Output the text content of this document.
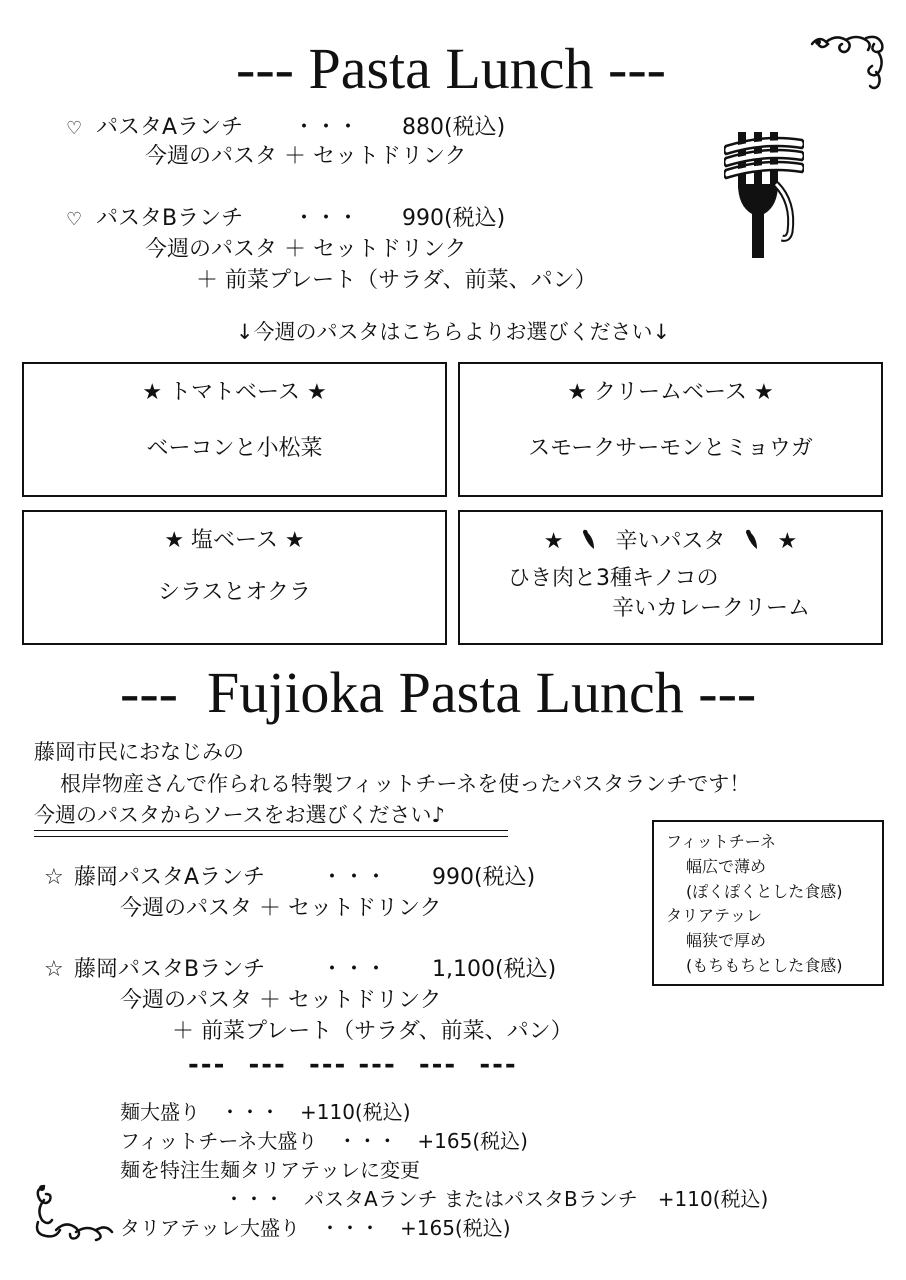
--- Pasta Lunch ---
♡ パスタAランチ ・・・ 880(税込)
今週のパスタ ＋ セットドリンク
♡ パスタBランチ ・・・ 990(税込)
今週のパスタ ＋ セットドリンク
＋ 前菜プレート（サラダ、前菜、パン）
↓今週のパスタはこちらよりお選びください↓
★ トマトベース ★
ベーコンと小松菜
★ クリームベース ★
スモークサーモンとミョウガ
★ 塩ベース ★
シラスとオクラ
★ 辛いパスタ ★
ひき肉と3種キノコの
辛いカレークリーム
---  Fujioka Pasta Lunch ---
藤岡市民におなじみの
根岸物産さんで作られる特製フィットチーネを使ったパスタランチです！
今週のパスタからソースをお選びください♪
フィットチーネ
幅広で薄め
(ぽくぽくとした食感)
タリアテッレ
幅狭で厚め
(もちもちとした食感)
☆ 藤岡パスタAランチ	・・・ 990(税込)
今週のパスタ ＋ セットドリンク
☆ 藤岡パスタBランチ	・・・ 1,100(税込)
今週のパスタ ＋ セットドリンク
＋ 前菜プレート（サラダ、前菜、パン）
---  ---  --- ---  ---  ---
麺大盛り　・・・　+110(税込)
フィットチーネ大盛り　・・・　+165(税込)
麺を特注生麺タリアテッレに変更
・・・　パスタAランチ またはパスタBランチ　+110(税込)
タリアテッレ大盛り　・・・　+165(税込)
